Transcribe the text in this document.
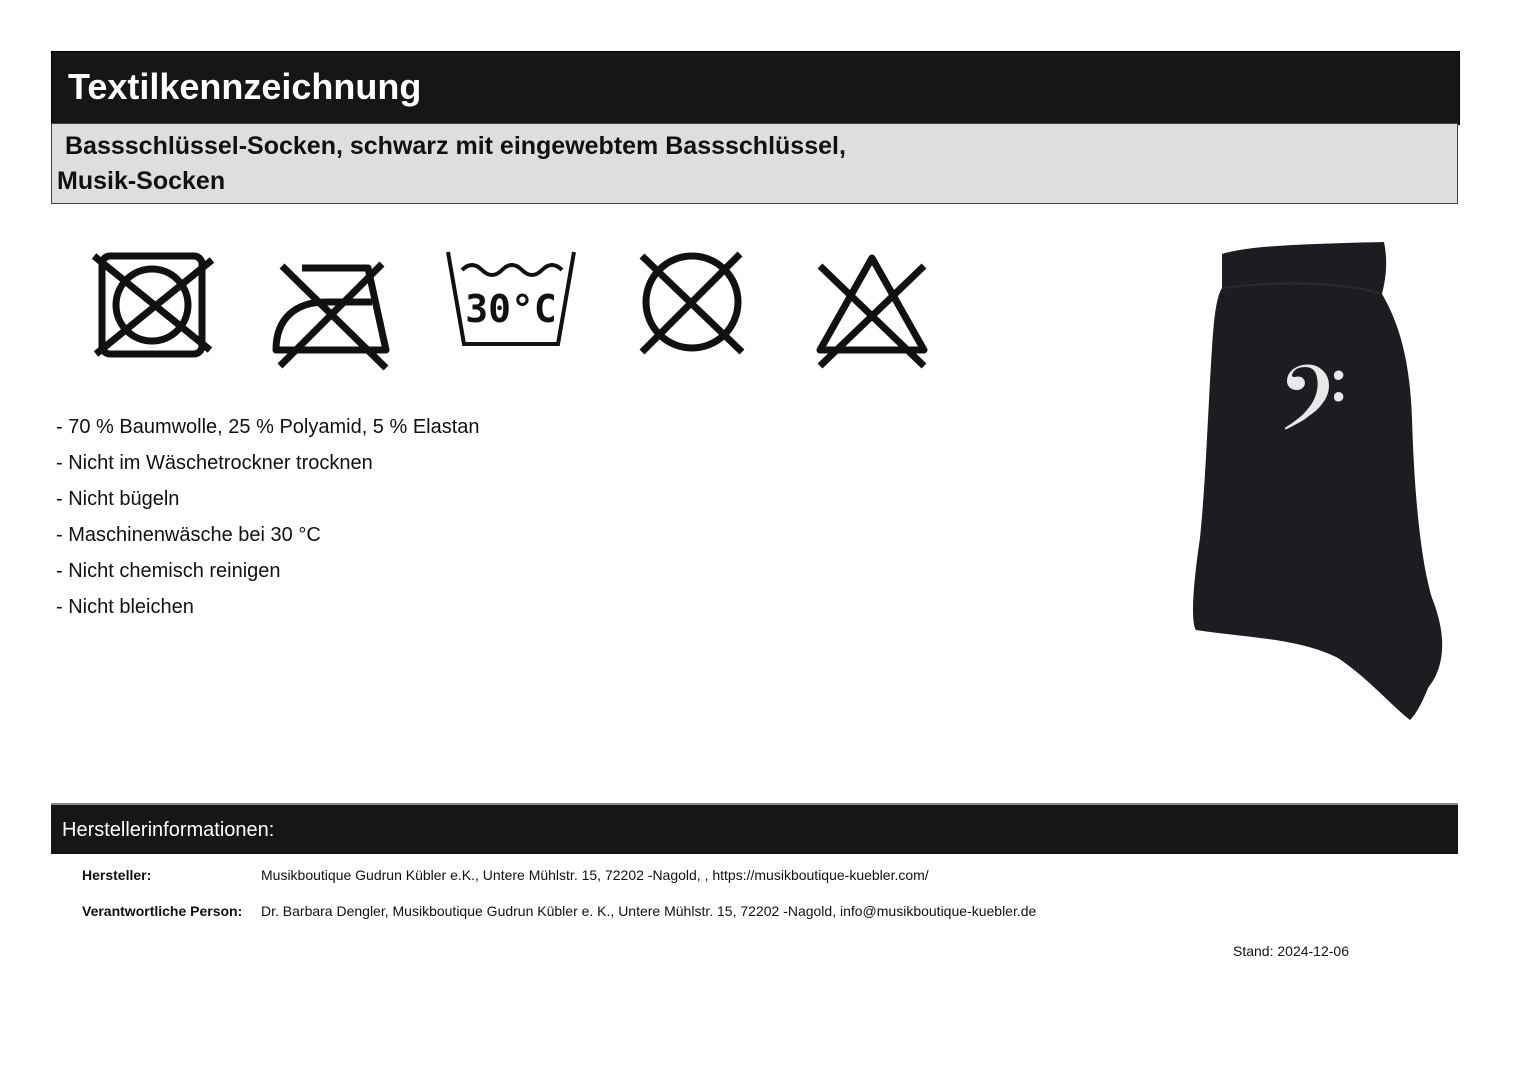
Textilkennzeichnung
Bassschlüssel-Socken, schwarz mit eingewebtem Bassschlüssel,
Musik-Socken
30°C
- 70 % Baumwolle, 25 % Polyamid, 5 % Elastan
- Nicht im Wäschetrockner trocknen
- Nicht bügeln
- Maschinenwäsche bei 30 °C
- Nicht chemisch reinigen
- Nicht bleichen
𝄢
Herstellerinformationen:
Hersteller:	Musikboutique Gudrun Kübler e.K., Untere Mühlstr. 15, 72202 -Nagold, , https://musikboutique-kuebler.com/
Verantwortliche Person: Dr. Barbara Dengler, Musikboutique Gudrun Kübler e. K., Untere Mühlstr. 15, 72202 -Nagold, info@musikboutique-kuebler.de
Stand: 2024-12-06
